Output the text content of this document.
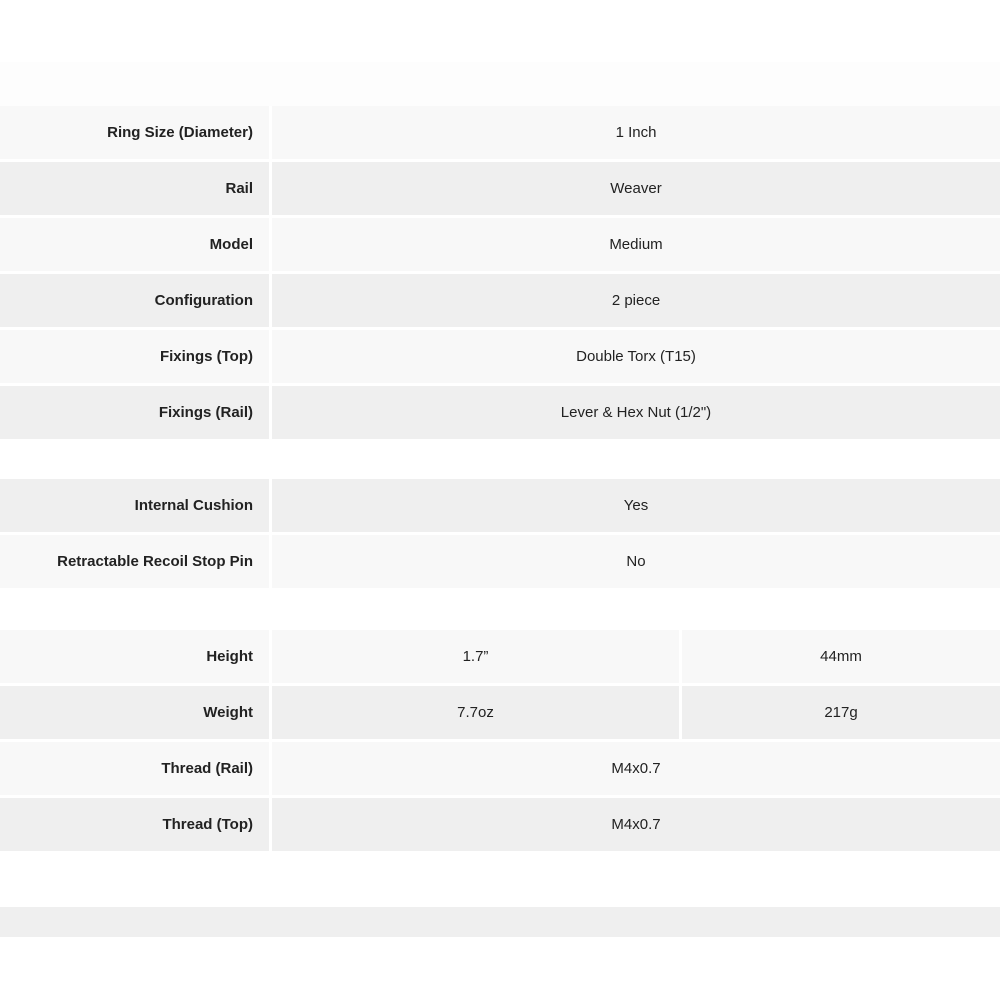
Ring Size (Diameter)	1 Inch
Rail	Weaver
Model	Medium
Configuration	2 piece
Fixings (Top)	Double Torx (T15)
Fixings (Rail)	Lever & Hex Nut (1/2")
Internal Cushion	Yes
Retractable Recoil Stop Pin	No
Height	1.7”	44mm
Weight	7.7oz	217g
Thread (Rail)	M4x0.7
Thread (Top)	M4x0.7
